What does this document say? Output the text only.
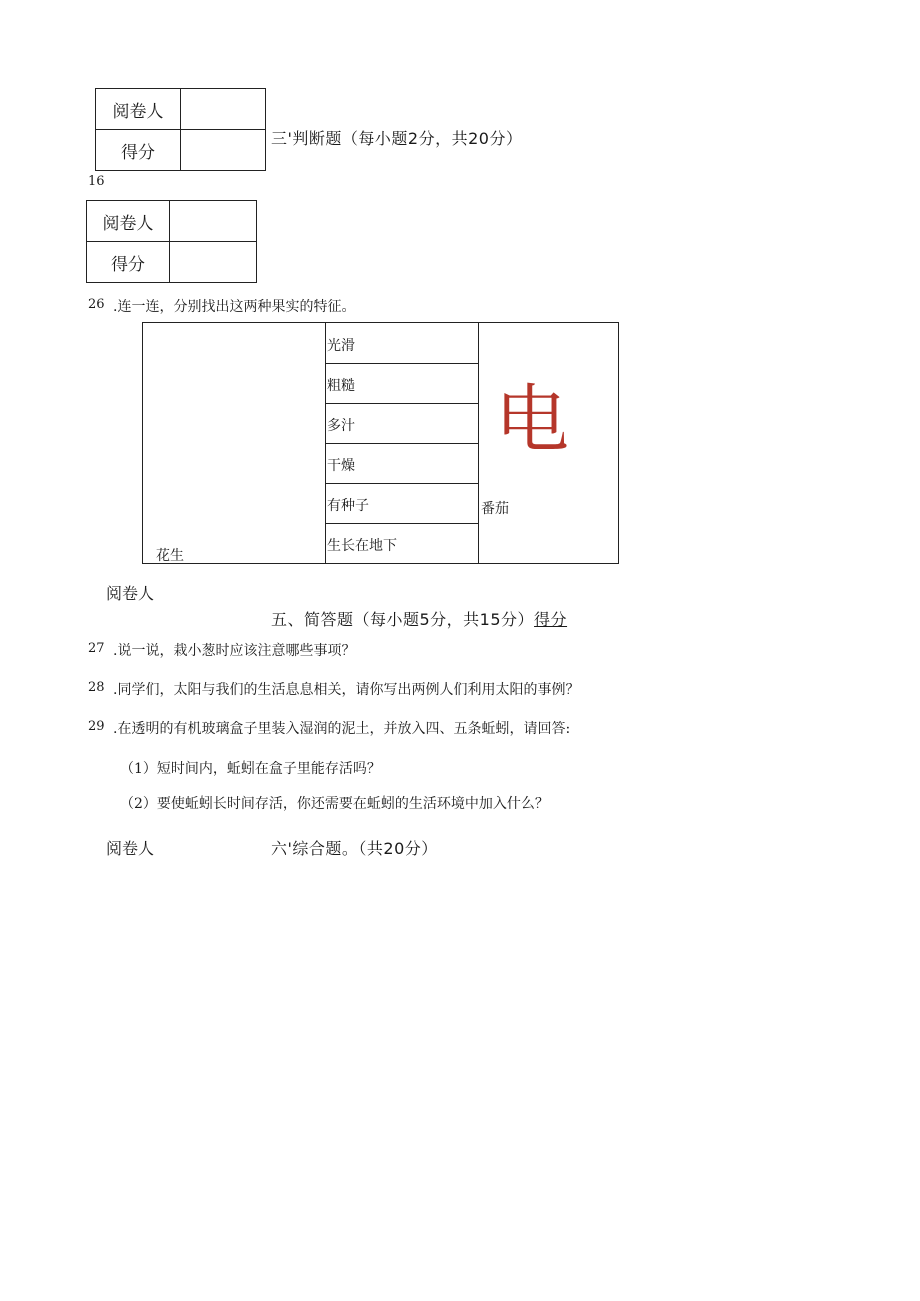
阅卷人	
得分	
三'判断题（每小题2分，共20分）
16
阅卷人	
得分	
26 .连一连，分别找出这两种果实的特征。
光滑
粗糙
多汁
干燥
有种子
生长在地下
花生
番茄
电
阅卷人
五、简答题（每小题5分，共15分）得分
27 .说一说，栽小葱时应该注意哪些事项？
28 .同学们，太阳与我们的生活息息相关，请你写出两例人们利用太阳的事例？
29 .在透明的有机玻璃盒子里装入湿润的泥土，并放入四、五条蚯蚓，请回答:
（1）短时间内，蚯蚓在盒子里能存活吗？
（2）要使蚯蚓长时间存活，你还需要在蚯蚓的生活环境中加入什么？
阅卷人	六'综合题。（共20分）
